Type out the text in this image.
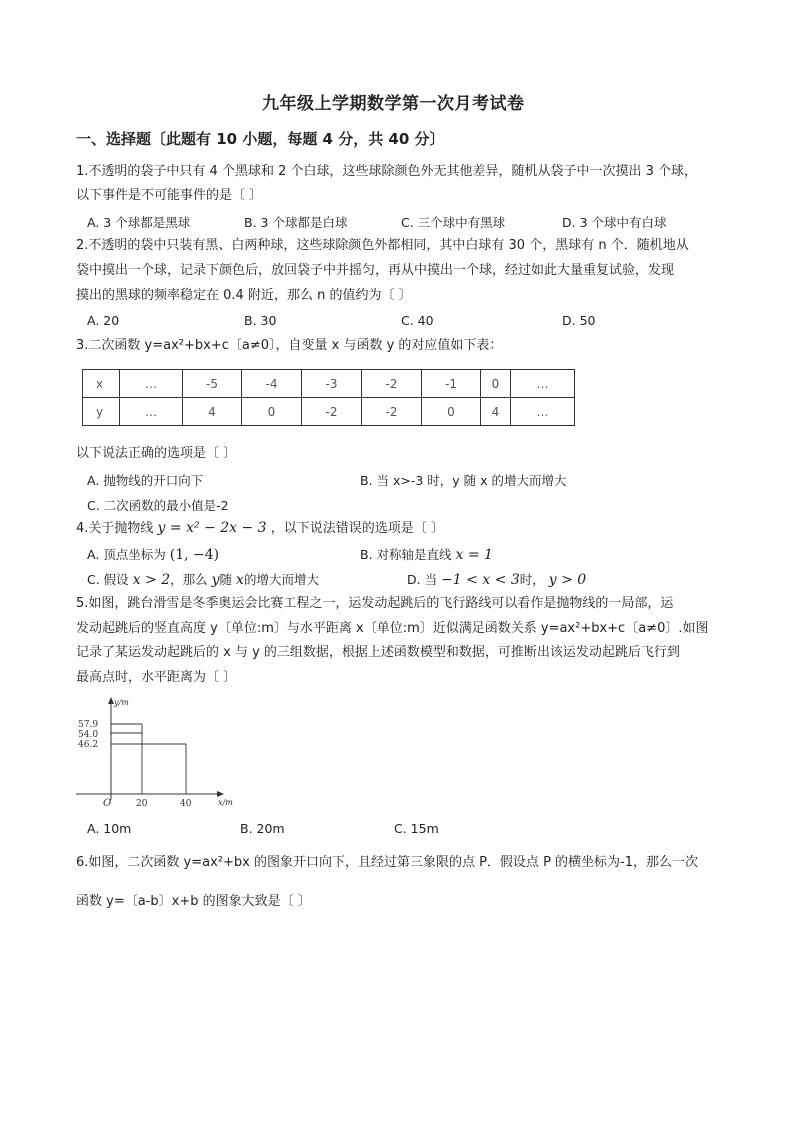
九年级上学期数学第一次月考试卷
一、选择题〔此题有 10 小题，每题 4 分，共 40 分〕
1.不透明的袋子中只有 4 个黑球和 2 个白球，这些球除颜色外无其他差异，随机从袋子中一次摸出 3 个球，
以下事件是不可能事件的是〔 〕
A. 3 个球都是黑球	B. 3 个球都是白球	C. 三个球中有黑球	D. 3 个球中有白球
2.不透明的袋中只装有黑、白两种球，这些球除颜色外都相同，其中白球有 30 个，黑球有 n 个．随机地从
袋中摸出一个球，记录下颜色后，放回袋子中并摇匀，再从中摸出一个球，经过如此大量重复试验，发现
摸出的黑球的频率稳定在 0.4 附近，那么 n 的值约为〔 〕
A. 20	B. 30	C. 40	D. 50
3.二次函数 y=ax²+bx+c〔a≠0〕，自变量 x 与函数 y 的对应值如下表：
x	…	-5	-4	-3	-2	-1	0	…
y	…	4	0	-2	-2	0	4	…
以下说法正确的选项是〔 〕
A. 抛物线的开口向下	B. 当 x>-3 时，y 随 x 的增大而增大
C. 二次函数的最小值是-2
4.关于抛物线 y = x² − 2x − 3 ，以下说法错误的选项是〔 〕
A. 顶点坐标为 (1, −4)	B. 对称轴是直线 x = 1
C. 假设 x > 2，那么 y随 x的增大而增大	D. 当 −1 < x < 3时， y > 0
5.如图，跳台滑雪是冬季奥运会比赛工程之一，运发动起跳后的飞行路线可以看作是抛物线的一局部，运
发动起跳后的竖直高度 y〔单位:m〕与水平距离 x〔单位:m〕近似满足函数关系 y=ax²+bx+c〔a≠0〕.如图
记录了某运发动起跳后的 x 与 y 的三组数据，根据上述函数模型和数据，可推断出该运发动起跳后飞行到
最高点时，水平距离为〔 〕
y/m
x/m
O
57.9
54.0
46.2
20	40
A. 10m	B. 20m	C. 15m
6.如图，二次函数 y=ax²+bx 的图象开口向下，且经过第三象限的点 P．假设点 P 的横坐标为-1，那么一次
函数 y=〔a-b〕x+b 的图象大致是〔 〕
